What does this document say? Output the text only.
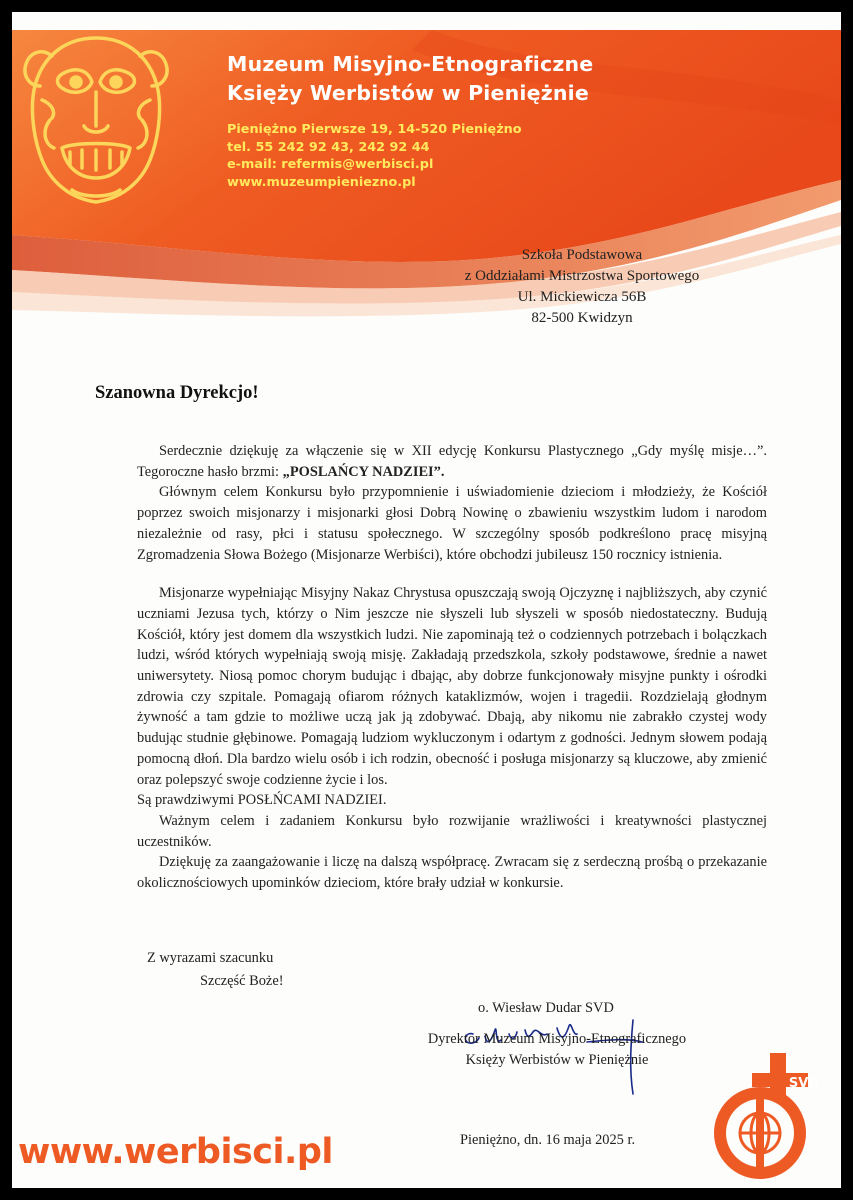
Muzeum Misyjno-Etnograficzne
Księży Werbistów w Pieniężnie
Pieniężno Pierwsze 19, 14-520 Pieniężno
tel. 55 242 92 43, 242 92 44
e-mail: refermis@werbisci.pl
www.muzeumpieniezno.pl
Szkoła Podstawowa
z Oddziałami Mistrzostwa Sportowego
Ul. Mickiewicza 56B
82-500 Kwidzyn
Szanowna Dyrekcjo!

Serdecznie dziękuję za włączenie się w XII edycję Konkursu Plastycznego „Gdy myślę misje…”. Tegoroczne hasło brzmi: „POSLAŃCY NADZIEI”.

Głównym celem Konkursu było przypomnienie i uświadomienie dzieciom i młodzieży, że Kościół poprzez swoich misjonarzy i misjonarki głosi Dobrą Nowinę o zbawieniu wszystkim ludom i narodom niezależnie od rasy, płci i statusu społecznego. W szczególny sposób podkreślono pracę misyjną Zgromadzenia Słowa Bożego (Misjonarze Werbiści), które obchodzi jubileusz 150 rocznicy istnienia.

Misjonarze wypełniając Misyjny Nakaz Chrystusa opuszczają swoją Ojczyznę i najbliższych, aby czynić uczniami Jezusa tych, którzy o Nim jeszcze nie słyszeli lub słyszeli w sposób niedostateczny. Budują Kościół, który jest domem dla wszystkich ludzi. Nie zapominają też o codziennych potrzebach i bolączkach ludzi, wśród których wypełniają swoją misję. Zakładają przedszkola, szkoły podstawowe, średnie a nawet uniwersytety. Niosą pomoc chorym budując i dbając, aby dobrze funkcjonowały misyjne punkty i ośrodki zdrowia czy szpitale. Pomagają ofiarom różnych kataklizmów, wojen i tragedii. Rozdzielają głodnym żywność a tam gdzie to możliwe uczą jak ją zdobywać. Dbają, aby nikomu nie zabrakło czystej wody budując studnie głębinowe. Pomagają ludziom wykluczonym i odartym z godności. Jednym słowem podają pomocną dłoń. Dla bardzo wielu osób i ich rodzin, obecność i posługa misjonarzy są kluczowe, aby zmienić oraz polepszyć swoje codzienne życie i los.

Są prawdziwymi POSŁŃCAMI NADZIEI.

Ważnym celem i zadaniem Konkursu było rozwijanie wrażliwości i kreatywności plastycznej uczestników.

Dziękuję za zaangażowanie i liczę na dalszą współpracę. Zwracam się z serdeczną prośbą o przekazanie okolicznościowych upominków dzieciom, które brały udział w konkursie.

Z wyrazami szacunku
Szczęść Boże!
o. Wiesław Dudar SVD
Dyrektor Muzeum Misyjno-Etnograficznego
Księży Werbistów w Pieniężnie
Pieniężno, dn. 16 maja 2025 r.
www.werbisci.pl
SVD
